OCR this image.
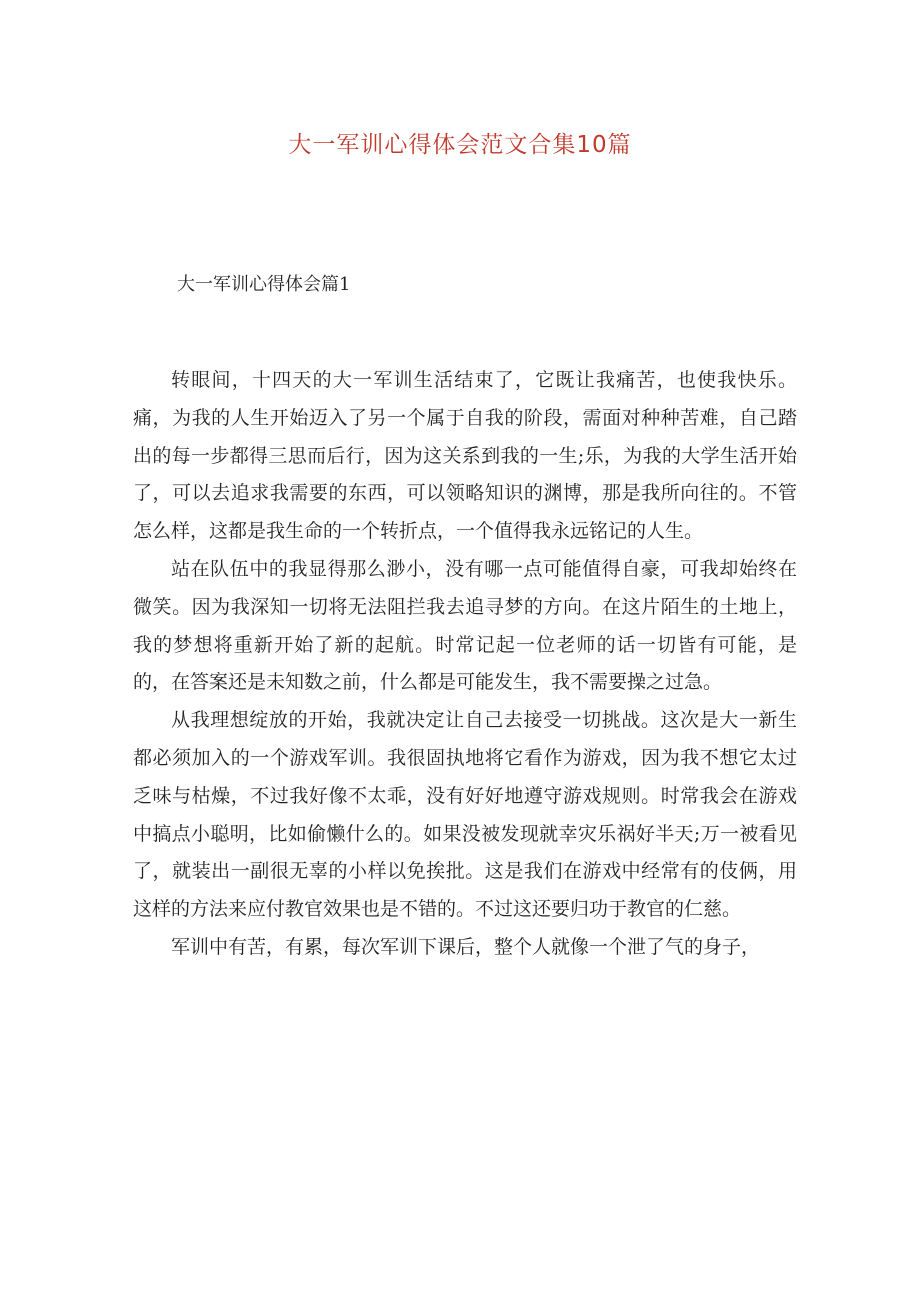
大一军训心得体会范文合集10篇
大一军训心得体会篇1

转眼间，十四天的大一军训生活结束了，它既让我痛苦，也使我快乐。痛，为我的人生开始迈入了另一个属于自我的阶段，需面对种种苦难，自己踏出的每一步都得三思而后行，因为这关系到我的一生;乐，为我的大学生活开始了，可以去追求我需要的东西，可以领略知识的渊博，那是我所向往的。不管怎么样，这都是我生命的一个转折点，一个值得我永远铭记的人生。

站在队伍中的我显得那么渺小，没有哪一点可能值得自豪，可我却始终在微笑。因为我深知一切将无法阻拦我去追寻梦的方向。在这片陌生的土地上，我的梦想将重新开始了新的起航。时常记起一位老师的话一切皆有可能，是的，在答案还是未知数之前，什么都是可能发生，我不需要操之过急。

从我理想绽放的开始，我就决定让自己去接受一切挑战。这次是大一新生都必须加入的一个游戏军训。我很固执地将它看作为游戏，因为我不想它太过乏味与枯燥，不过我好像不太乖，没有好好地遵守游戏规则。时常我会在游戏中搞点小聪明，比如偷懒什么的。如果没被发现就幸灾乐祸好半天;万一被看见了，就装出一副很无辜的小样以免挨批。这是我们在游戏中经常有的伎俩，用这样的方法来应付教官效果也是不错的。不过这还要归功于教官的仁慈。

军训中有苦，有累，每次军训下课后，整个人就像一个泄了气的身子，
